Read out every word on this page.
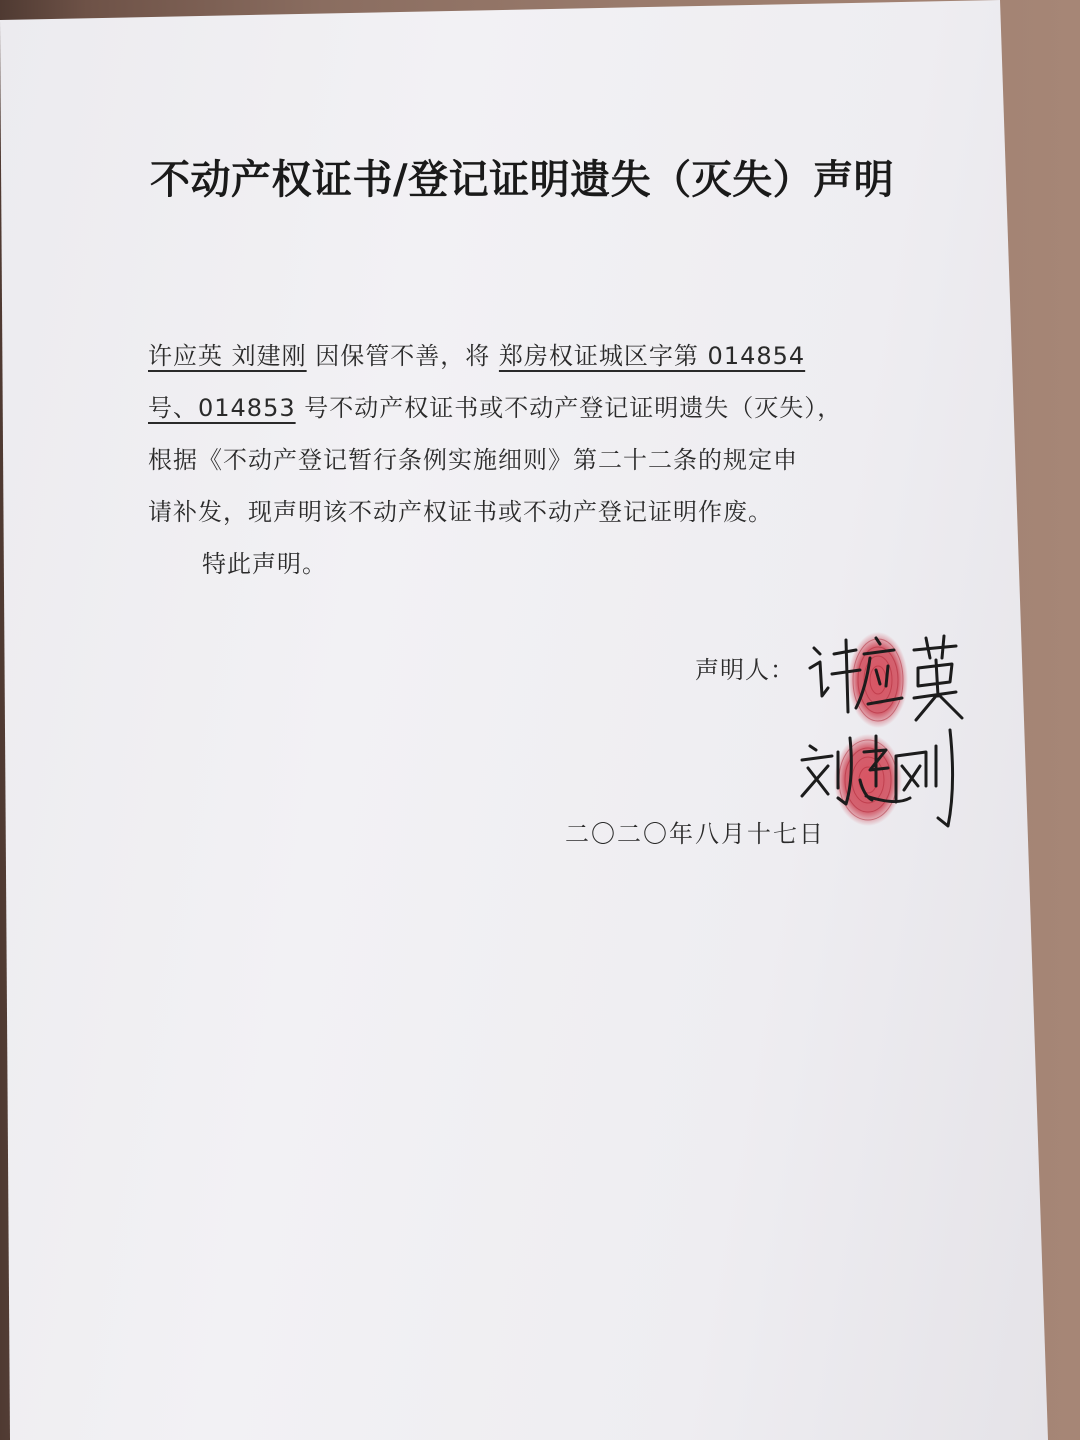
不动产权证书/登记证明遗失（灭失）声明
许应英 刘建刚 因保管不善，将 郑房权证城区字第 014854
号、014853 号不动产权证书或不动产登记证明遗失（灭失），
根据《不动产登记暂行条例实施细则》第二十二条的规定申
请补发，现声明该不动产权证书或不动产登记证明作废。
特此声明。
声明人：
二〇二〇年八月十七日
